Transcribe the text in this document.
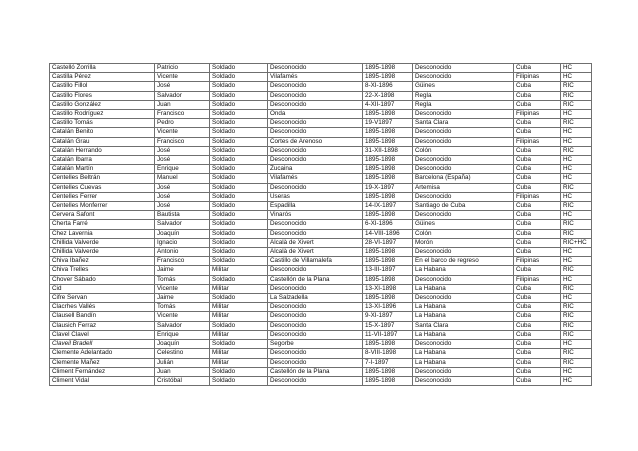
Castelló Zorrilla	Patricio	Soldado	Desconocido	1895-1898	Desconocido	Cuba	HC
Castilla Pérez	Vicente	Soldado	Vilafamés	1895-1898	Desconocido	Filipinas	HC
Castillo Fillol	José	Soldado	Desconocido	8-XI-1896	Güines	Cuba	RIC
Castillo Flores	Salvador	Soldado	Desconocido	22-X-1898	Regla	Cuba	RIC
Castillo González	Juan	Soldado	Desconocido	4-XII-1897	Regla	Cuba	RIC
Castillo Rodríguez	Francisco	Soldado	Onda	1895-1898	Desconocido	Filipinas	HC
Castillo Tomás	Pedro	Soldado	Desconocido	19-V1897	Santa Clara	Cuba	RIC
Catalán Benito	Vicente	Soldado	Desconocido	1895-1898	Desconocido	Cuba	HC
Catalán Grau	Francisco	Soldado	Cortes de Arenoso	1895-1898	Desconocido	Filipinas	HC
Catalán Herrando	José	Soldado	Desconocido	31-XII-1898	Colón	Cuba	RIC
Catalán Ibarra	José	Soldado	Desconocido	1895-1898	Desconocido	Cuba	HC
Catalán Martín	Enrique	Soldado	Zucaina	1895-1898	Desconocido	Cuba	HC
Centelles Beltrán	Manuel	Soldado	Vilafamés	1895-1898	Barcelona (España)	Cuba	HC
Centelles Cuevas	José	Soldado	Desconocido	19-X-1897	Artemisa	Cuba	RIC
Centelles Ferrer	José	Soldado	Useras	1895-1898	Desconocido	Filipinas	HC
Centelles Monferrer	José	Soldado	Espadilla	14-IX-1897	Santiago de Cuba	Cuba	RIC
Cervera Safont	Bautista	Soldado	Vinarós	1895-1898	Desconocido	Cuba	HC
Cherta Farré	Salvador	Soldado	Desconocido	6-XI-1896	Güines	Cuba	RIC
Chez Lavernia	Joaquín	Soldado	Desconocido	14-VIII-1896	Colón	Cuba	RIC
Chillida Valverde	Ignacio	Soldado	Alcalà de Xivert	28-VI-1897	Morón	Cuba	RIC+HC
Chillida Valverde	Antonio	Soldado	Alcalà de Xivert	1895-1898	Desconocido	Cuba	HC
Chiva Ibañez	Francisco	Soldado	Castillo de Villamalefa	1895-1898	En el barco de regreso	Filipinas	HC
Chiva Trelles	Jaime	Militar	Desconocido	13-III-1897	La Habana	Cuba	RIC
Chover Sábado	Tomás	Soldado	Castellón de la Plana	1895-1898	Desconocido	Filipinas	HC
Cid	Vicente	Militar	Desconocido	13-XI-1898	La Habana	Cuba	RIC
Cifre Servan	Jaime	Soldado	La Salzadella	1895-1898	Desconocido	Cuba	HC
Clacrhes Vallés	Tomás	Militar	Desconocido	13-XI-1896	La Habana	Cuba	RIC
Clausell Bandín	Vicente	Militar	Desconocido	9-XI-1897	La Habana	Cuba	RIC
Clausich Ferraz	Salvador	Soldado	Desconocido	15-X-1897	Santa Clara	Cuba	RIC
Clavel Clavel	Enrique	Militar	Desconocido	11-VII-1897	La Habana	Cuba	RIC
Claveil Bradell	Joaquín	Soldado	Segorbe	1895-1898	Desconocido	Cuba	HC
Clemente Adelantado	Celestino	Militar	Desconocido	8-VIII-1898	La Habana	Cuba	RIC
Clemente Mañez	Julián	Militar	Desconocido	7-I-1897	La Habana	Cuba	RIC
Climent Fernández	Juan	Soldado	Castellón de la Plana	1895-1898	Desconocido	Cuba	HC
Climent Vidal	Cristóbal	Soldado	Desconocido	1895-1898	Desconocido	Cuba	HC
